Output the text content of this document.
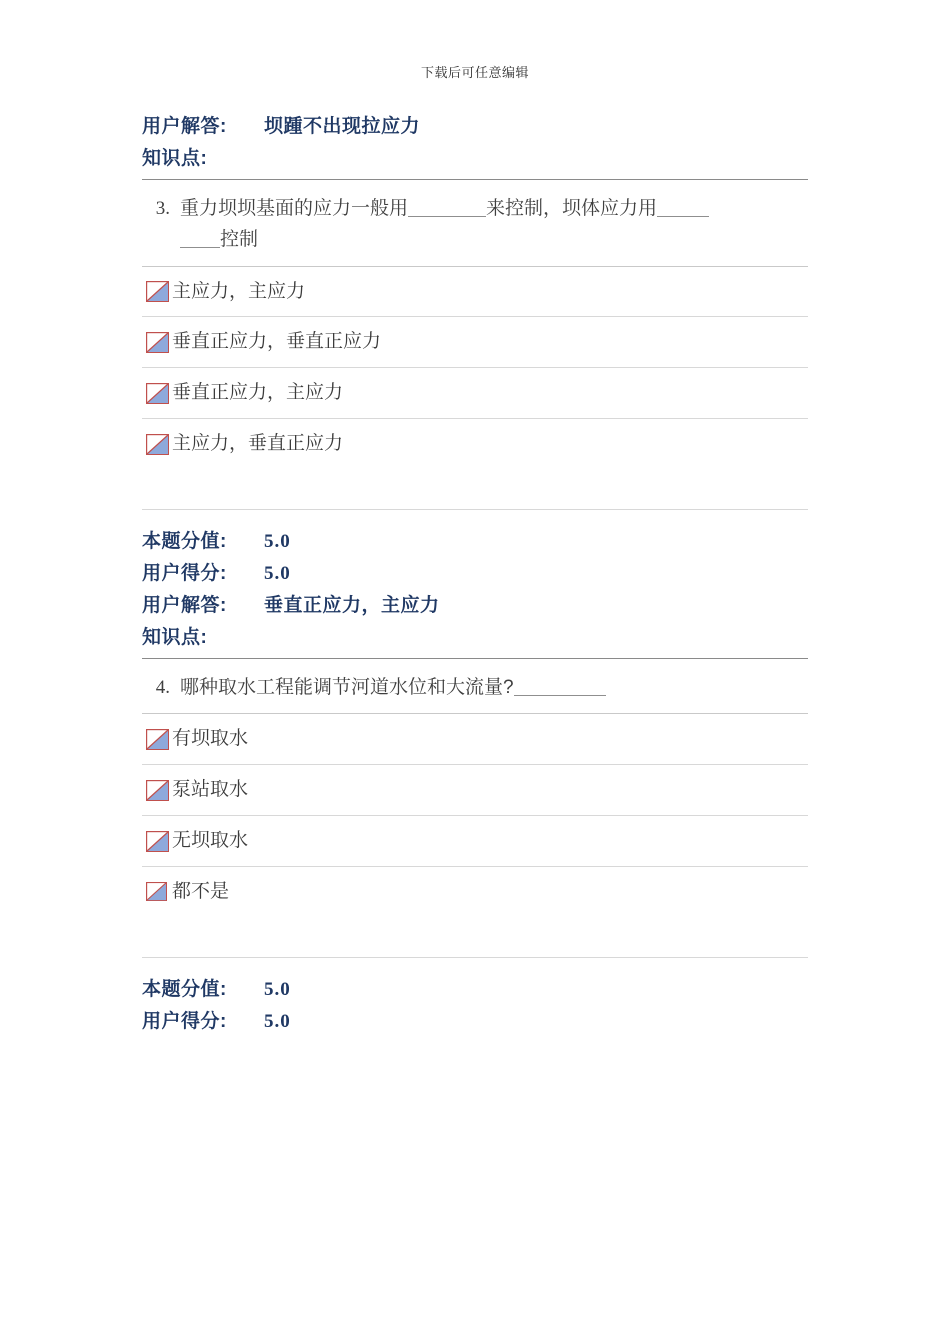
下载后可任意编辑
用户解答:	坝踵不出现拉应力
知识点:
3. 重力坝坝基面的应力一般用	来控制，坝体应力用
控制
主应力，主应力
垂直正应力，垂直正应力
垂直正应力，主应力
主应力，垂直正应力
本题分值:	5.0
用户得分:	5.0
用户解答:	垂直正应力，主应力
知识点:
4. 哪种取水工程能调节河道水位和大流量?
有坝取水
泵站取水
无坝取水
都不是
本题分值:	5.0
用户得分:	5.0
